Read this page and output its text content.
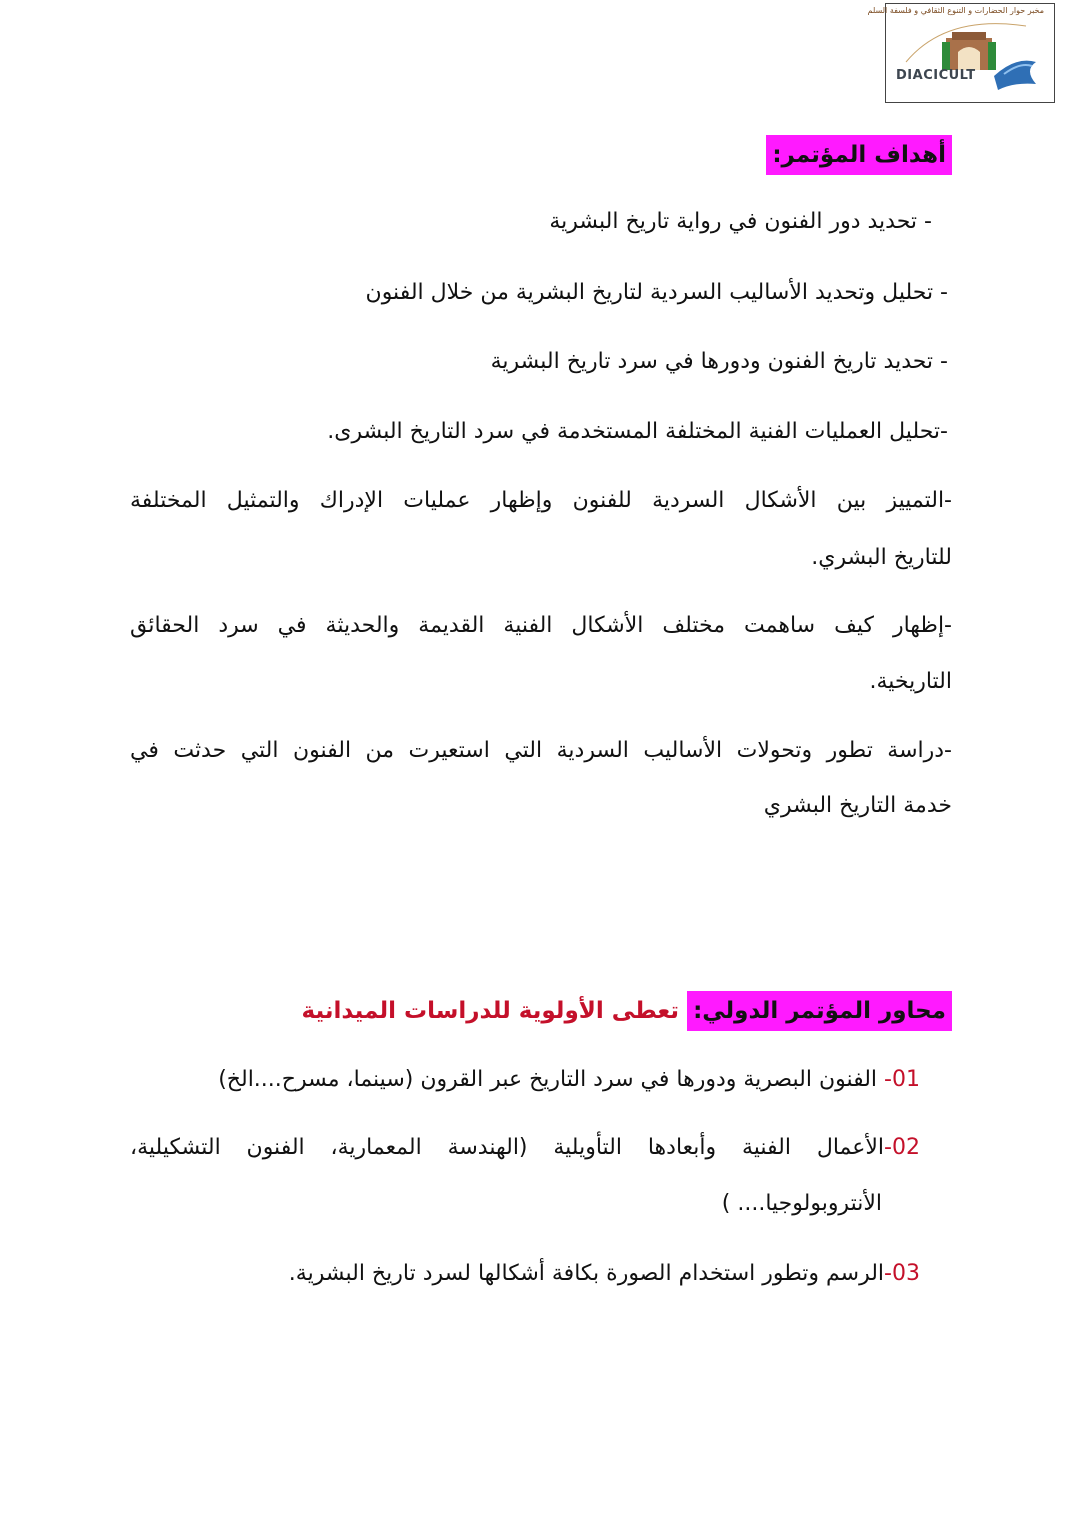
مخبر حوار الحضارات و التنوع الثقافي و فلسفة السلم
DIACICULT
أهداف المؤتمر:
- تحديد دور الفنون في رواية تاريخ البشرية
- تحليل وتحديد الأساليب السردية لتاريخ البشرية من خلال الفنون
- تحديد تاريخ الفنون ودورها في سرد تاريخ البشرية
-تحليل العمليات الفنية المختلفة المستخدمة في سرد التاريخ البشرى.
-التمييز بين الأشكال السردية للفنون وإظهار عمليات الإدراك والتمثيل المختلفة
للتاريخ البشري.
-إظهار كيف ساهمت مختلف الأشكال الفنية القديمة والحديثة في سرد الحقائق
التاريخية.
-دراسة تطور وتحولات الأساليب السردية التي استعيرت من الفنون التي حدثت في
خدمة التاريخ البشري
محاور المؤتمر الدولي:تعطى الأولوية للدراسات الميدانية
01- الفنون البصرية ودورها في سرد التاريخ عبر القرون (سينما، مسرح....الخ)
02-الأعمال الفنية وأبعادها التأويلية (الهندسة المعمارية، الفنون التشكيلية،
الأنتروبولوجيا.... )
03-الرسم وتطور استخدام الصورة بكافة أشكالها لسرد تاريخ البشرية.
